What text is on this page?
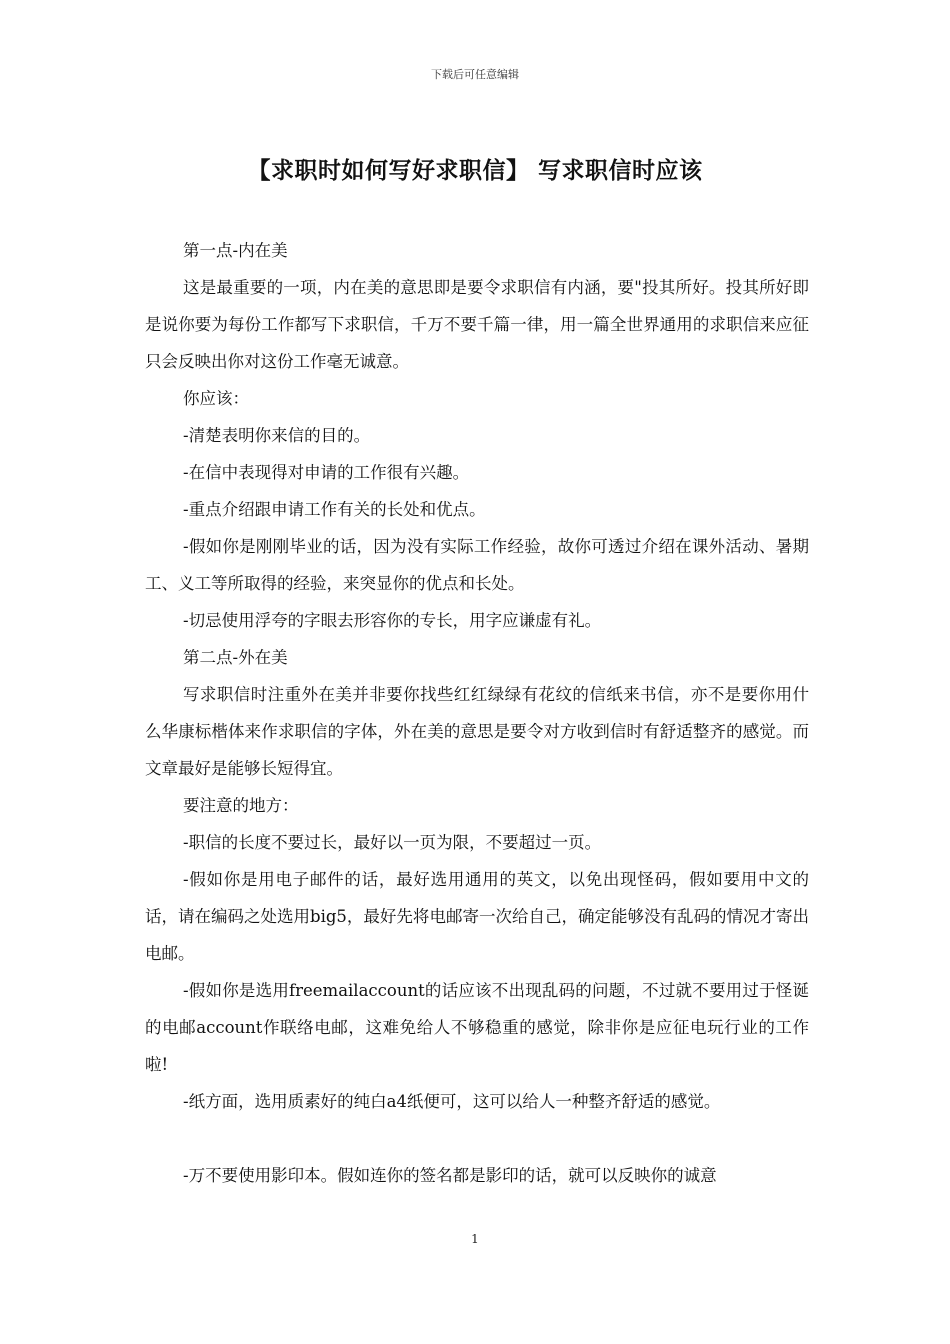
下载后可任意编辑
【求职时如何写好求职信】 写求职信时应该

第一点-内在美

这是最重要的一项，内在美的意思即是要令求职信有内涵，要"投其所好。投其所好即是说你要为每份工作都写下求职信，千万不要千篇一律，用一篇全世界通用的求职信来应征只会反映出你对这份工作毫无诚意。

你应该：

-清楚表明你来信的目的。

-在信中表现得对申请的工作很有兴趣。

-重点介绍跟申请工作有关的长处和优点。

-假如你是刚刚毕业的话，因为没有实际工作经验，故你可透过介绍在课外活动、暑期工、义工等所取得的经验，来突显你的优点和长处。

-切忌使用浮夸的字眼去形容你的专长，用字应谦虚有礼。

第二点-外在美

写求职信时注重外在美并非要你找些红红绿绿有花纹的信纸来书信，亦不是要你用什么华康标楷体来作求职信的字体，外在美的意思是要令对方收到信时有舒适整齐的感觉。而文章最好是能够长短得宜。

要注意的地方：

-职信的长度不要过长，最好以一页为限，不要超过一页。

-假如你是用电子邮件的话，最好选用通用的英文，以免出现怪码，假如要用中文的话，请在编码之处选用big5，最好先将电邮寄一次给自己，确定能够没有乱码的情况才寄出电邮。

-假如你是选用freemailaccount的话应该不出现乱码的问题，不过就不要用过于怪诞的电邮account作联络电邮，这难免给人不够稳重的感觉，除非你是应征电玩行业的工作啦!

-纸方面，选用质素好的纯白a4纸便可，这可以给人一种整齐舒适的感觉。

-万不要使用影印本。假如连你的签名都是影印的话，就可以反映你的诚意

1
